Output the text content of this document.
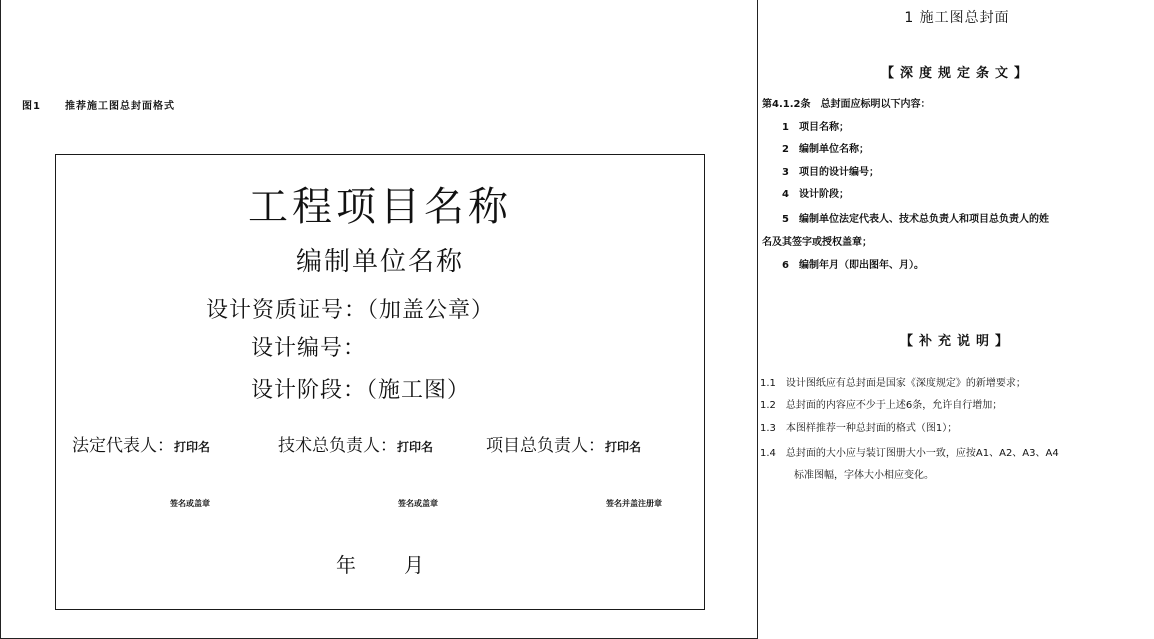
图1 推荐施工图总封面格式
工程项目名称
编制单位名称
设计资质证号：（加盖公章）
设计编号：
设计阶段：（施工图）
法定代表人：打印名	技术总负责人：打印名	项目总负责人：打印名
签名或盖章	签名或盖章	签名并盖注册章
年 月
1 施工图总封面
【深度规定条文】
第4.1.2条　总封面应标明以下内容：
1　项目名称；
2　编制单位名称；
3　项目的设计编号；
4　设计阶段；
5　编制单位法定代表人、技术总负责人和项目总负责人的姓
名及其签字或授权盖章；
6　编制年月（即出图年、月）。
【补充说明】
1.1　设计图纸应有总封面是国家《深度规定》的新增要求；
1.2　总封面的内容应不少于上述6条，允许自行增加；
1.3　本图样推荐一种总封面的格式（图1）；
1.4　总封面的大小应与装订图册大小一致，应按A1、A2、A3、A4
标准图幅，字体大小相应变化。
